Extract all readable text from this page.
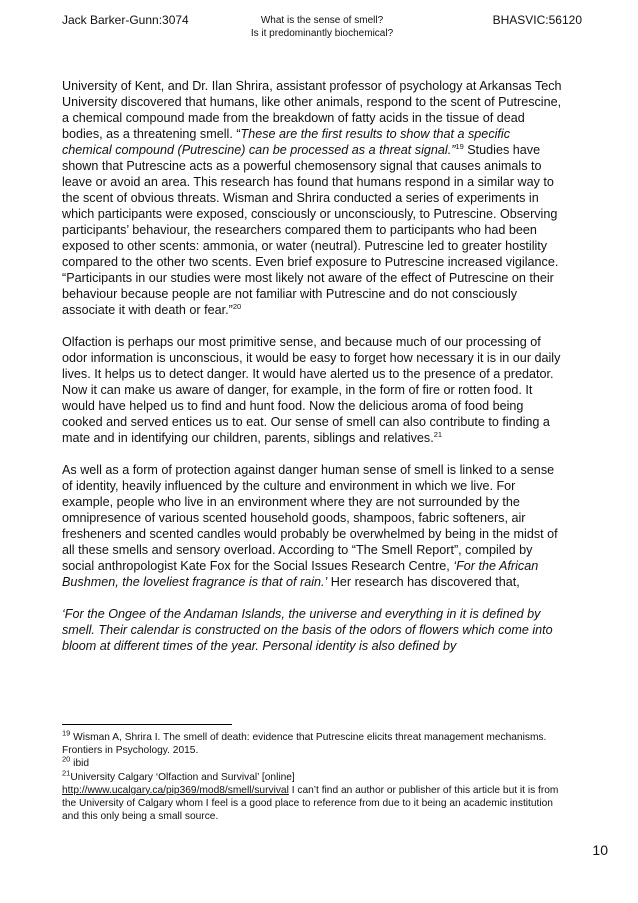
Jack Barker-Gunn:3074	What is the sense of smell?
Is it predominantly biochemical?
BHASVIC:56120

University of Kent, and Dr. Ilan Shrira, assistant professor of psychology at Arkansas Tech University discovered that humans, like other animals, respond to the scent of Putrescine, a chemical compound made from the breakdown of fatty acids in the tissue of dead bodies, as a threatening smell. “These are the first results to show that a specific chemical compound (Putrescine) can be processed as a threat signal.”$^{19}$ Studies have shown that Putrescine acts as a powerful chemosensory signal that causes animals to leave or avoid an area. This research has found that humans respond in a similar way to the scent of obvious threats. Wisman and Shrira conducted a series of experiments in which participants were exposed, consciously or unconsciously, to Putrescine. Observing participants’ behaviour, the researchers compared them to participants who had been exposed to other scents: ammonia, or water (neutral). Putrescine led to greater hostility compared to the other two scents. Even brief exposure to Putrescine increased vigilance. “Participants in our studies were most likely not aware of the effect of Putrescine on their behaviour because people are not familiar with Putrescine and do not consciously associate it with death or fear.”$^{20}$

Olfaction is perhaps our most primitive sense, and because much of our processing of odor information is unconscious, it would be easy to forget how necessary it is in our daily lives. It helps us to detect danger. It would have alerted us to the presence of a predator. Now it can make us aware of danger, for example, in the form of fire or rotten food. It would have helped us to find and hunt food. Now the delicious aroma of food being cooked and served entices us to eat. Our sense of smell can also contribute to finding a mate and in identifying our children, parents, siblings and relatives.$^{21}$

As well as a form of protection against danger human sense of smell is linked to a sense of identity, heavily influenced by the culture and environment in which we live. For example, people who live in an environment where they are not surrounded by the omnipresence of various scented household goods, shampoos, fabric softeners, air fresheners and scented candles would probably be overwhelmed by being in the midst of all these smells and sensory overload. According to “The Smell Report”, compiled by social anthropologist Kate Fox for the Social Issues Research Centre, ‘For the African Bushmen, the loveliest fragrance is that of rain.’ Her research has discovered that,

‘For the Ongee of the Andaman Islands, the universe and everything in it is defined by smell. Their calendar is constructed on the basis of the odors of flowers which come into bloom at different times of the year. Personal identity is also defined by

$^{19}$ Wisman A, Shrira I. The smell of death: evidence that Putrescine elicits threat management mechanisms. Frontiers in Psychology. 2015.
$^{20}$ ibid
$^{21}$University Calgary ‘Olfaction and Survival’ [online]
http://www.ucalgary.ca/pip369/mod8/smell/survival I can’t find an author or publisher of this article but it is from the University of Calgary whom I feel is a good place to reference from due to it being an academic institution and this only being a small source.
10
